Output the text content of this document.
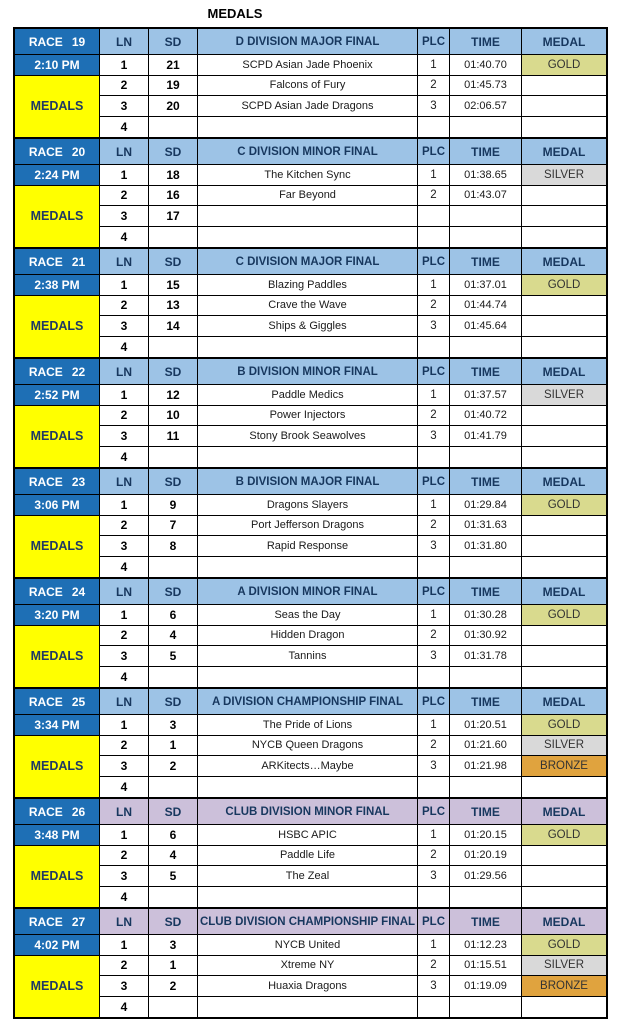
MEDALS
RACE 19	LN	SD	D DIVISION MAJOR FINAL	PLC	TIME	MEDAL
2:10 PM
MEDALS
1	21	SCPD Asian Jade Phoenix	1	01:40.70	GOLD
2	19	Falcons of Fury	2	01:45.73
3	20	SCPD Asian Jade Dragons	3	02:06.57
4
RACE 20	LN	SD	C DIVISION MINOR FINAL	PLC	TIME	MEDAL
2:24 PM
MEDALS
1	18	The Kitchen Sync	1	01:38.65	SILVER
2	16	Far Beyond	2	01:43.07
3	17
4
RACE 21	LN	SD	C DIVISION MAJOR FINAL	PLC	TIME	MEDAL
2:38 PM
MEDALS
1	15	Blazing Paddles	1	01:37.01	GOLD
2	13	Crave the Wave	2	01:44.74
3	14	Ships & Giggles	3	01:45.64
4
RACE 22	LN	SD	B DIVISION MINOR FINAL	PLC	TIME	MEDAL
2:52 PM
MEDALS
1	12	Paddle Medics	1	01:37.57	SILVER
2	10	Power Injectors	2	01:40.72
3	11	Stony Brook Seawolves	3	01:41.79
4
RACE 23	LN	SD	B DIVISION MAJOR FINAL	PLC	TIME	MEDAL
3:06 PM
MEDALS
1	9	Dragons Slayers	1	01:29.84	GOLD
2	7	Port Jefferson Dragons	2	01:31.63
3	8	Rapid Response	3	01:31.80
4
RACE 24	LN	SD	A DIVISION MINOR FINAL	PLC	TIME	MEDAL
3:20 PM
MEDALS
1	6	Seas the Day	1	01:30.28	GOLD
2	4	Hidden Dragon	2	01:30.92
3	5	Tannins	3	01:31.78
4
RACE 25	LN	SD	A DIVISION CHAMPIONSHIP FINAL	PLC	TIME	MEDAL
3:34 PM
MEDALS
1	3	The Pride of Lions	1	01:20.51	GOLD
2	1	NYCB Queen Dragons	2	01:21.60	SILVER
3	2	ARKitects…Maybe	3	01:21.98	BRONZE
4
RACE 26	LN	SD	CLUB DIVISION MINOR FINAL	PLC	TIME	MEDAL
3:48 PM
MEDALS
1	6	HSBC APIC	1	01:20.15	GOLD
2	4	Paddle Life	2	01:20.19
3	5	The Zeal	3	01:29.56
4
RACE 27	LN	SD	CLUB DIVISION CHAMPIONSHIP FINAL PLC	TIME	MEDAL
4:02 PM
MEDALS
1	3	NYCB United	1	01:12.23	GOLD
2	1	Xtreme NY	2	01:15.51	SILVER
3	2	Huaxia Dragons	3	01:19.09	BRONZE
4
